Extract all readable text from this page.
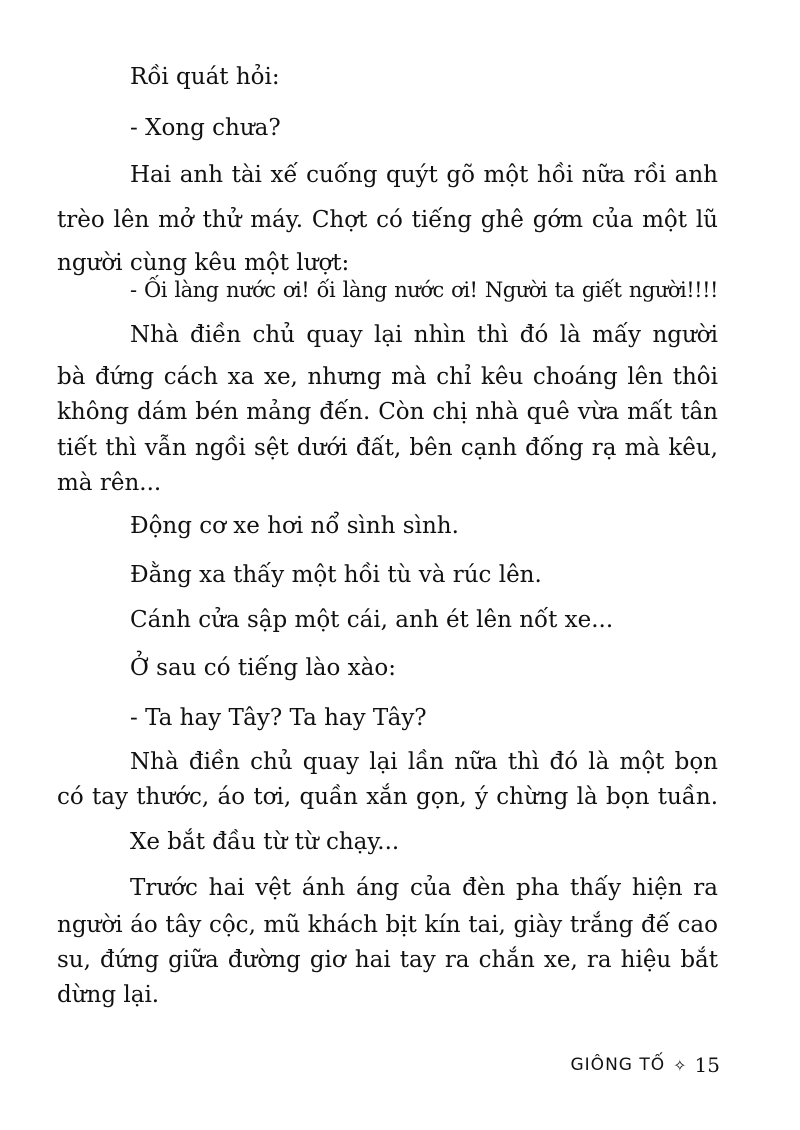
Rồi quát hỏi:

- Xong chưa?

Hai anh tài xế cuống quýt gõ một hồi nữa rồi anh

trèo lên mở thử máy. Chợt có tiếng ghê gớm của một lũ

người cùng kêu một lượt:

- Ối làng nước ơi! ối làng nước ơi! Người ta giết người!!!!

Nhà điền chủ quay lại nhìn thì đó là mấy người

bà đứng cách xa xe, nhưng mà chỉ kêu choáng lên thôi

không dám bén mảng đến. Còn chị nhà quê vừa mất tân

tiết thì vẫn ngồi sệt dưới đất, bên cạnh đống rạ mà kêu,

mà rên...

Động cơ xe hơi nổ sình sình.

Đằng xa thấy một hồi tù và rúc lên.

Cánh cửa sập một cái, anh ét lên nốt xe...

Ở sau có tiếng lào xào:

- Ta hay Tây? Ta hay Tây?

Nhà điền chủ quay lại lần nữa thì đó là một bọn

có tay thước, áo tơi, quần xắn gọn, ý chừng là bọn tuần.

Xe bắt đầu từ từ chạy...

Trước hai vệt ánh áng của đèn pha thấy hiện ra

người áo tây cộc, mũ khách bịt kín tai, giày trắng đế cao

su, đứng giữa đường giơ hai tay ra chắn xe, ra hiệu bắt

dừng lại.

GIÔNG TỐ ✧ 15
